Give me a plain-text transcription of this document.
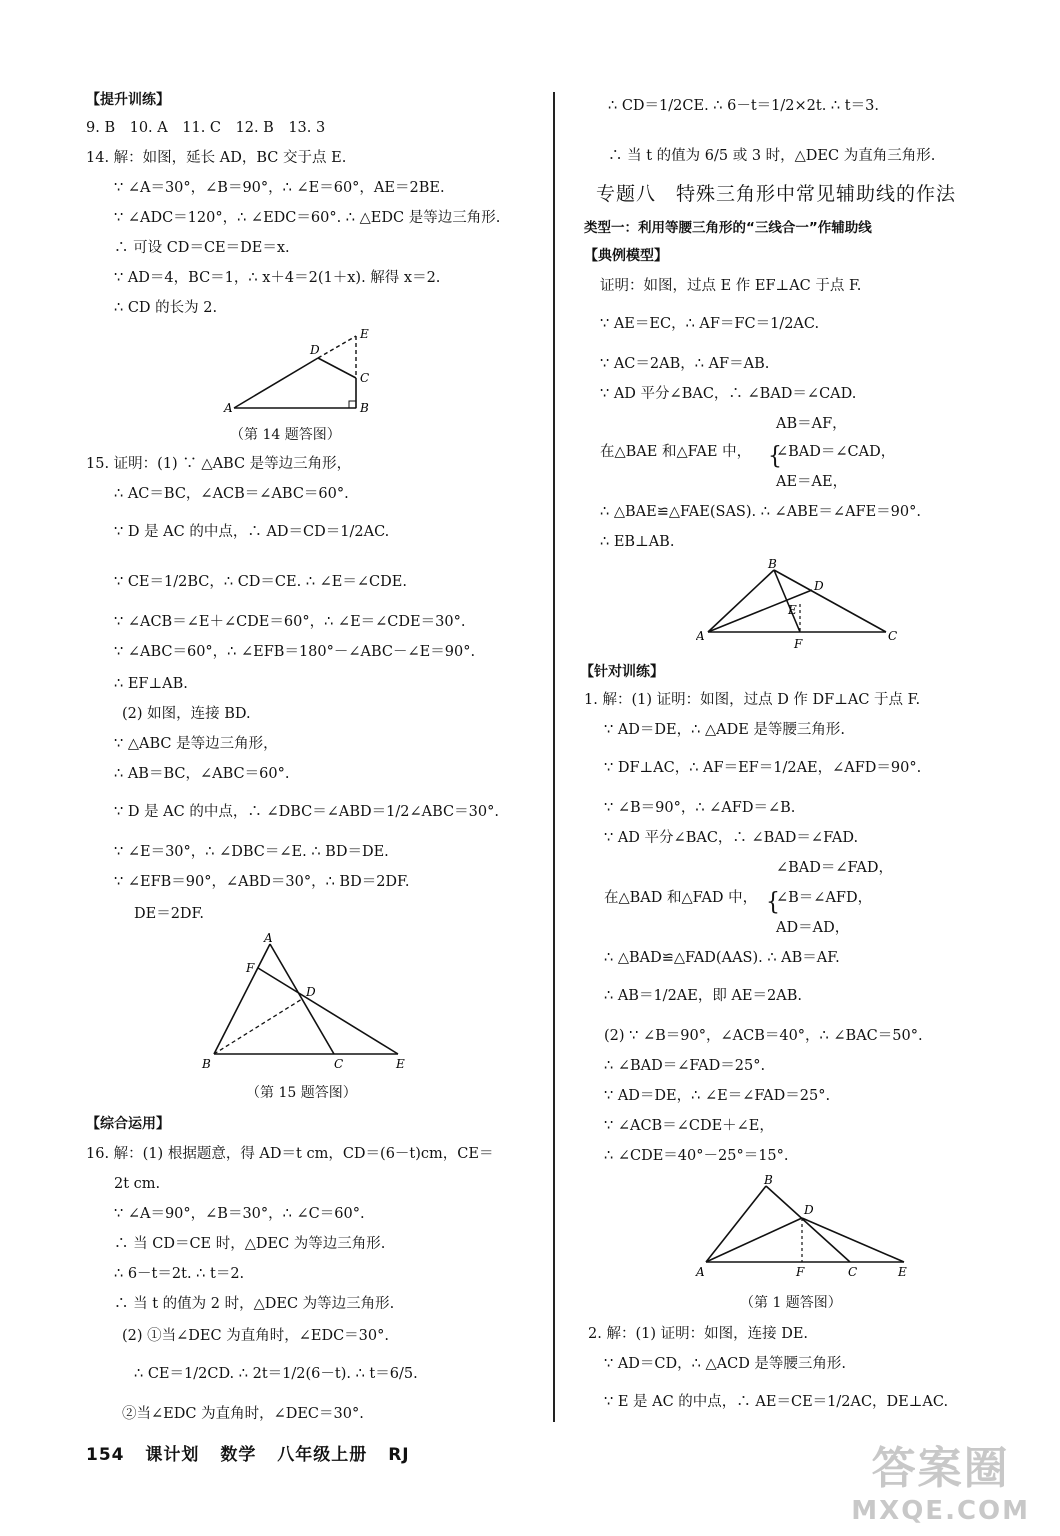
【提升训练】
9. B　10. A　11. C　12. B　13. 3
14. 解：如图，延长 AD，BC 交于点 E.
∵ ∠A＝30°，∠B＝90°，∴ ∠E＝60°，AE＝2BE.
∵ ∠ADC＝120°，∴ ∠EDC＝60°. ∴ △EDC 是等边三角形.
∴ 可设 CD＝CE＝DE＝x.
∵ AD＝4，BC＝1，∴ x＋4＝2(1＋x). 解得 x＝2.
∴ CD 的长为 2.
A	B
C
D
E
（第 14 题答图）
15. 证明：(1) ∵ △ABC 是等边三角形，
∴ AC＝BC，∠ACB＝∠ABC＝60°.
∵ D 是 AC 的中点，∴ AD＝CD＝1/2AC.
∵ CE＝1/2BC，∴ CD＝CE. ∴ ∠E＝∠CDE.
∵ ∠ACB＝∠E＋∠CDE＝60°，∴ ∠E＝∠CDE＝30°.
∵ ∠ABC＝60°，∴ ∠EFB＝180°－∠ABC－∠E＝90°.
∴ EF⊥AB.
(2) 如图，连接 BD.
∵ △ABC 是等边三角形，
∴ AB＝BC，∠ABC＝60°.
∵ D 是 AC 的中点，∴ ∠DBC＝∠ABD＝1/2∠ABC＝30°.
∵ ∠E＝30°，∴ ∠DBC＝∠E. ∴ BD＝DE.
∵ ∠EFB＝90°，∠ABD＝30°，∴ BD＝2DF.
DE＝2DF.
A
B	C
D
E
F
（第 15 题答图）
【综合运用】
16. 解：(1) 根据题意，得 AD＝t cm，CD＝(6－t)cm，CE＝
2t cm.
∵ ∠A＝90°，∠B＝30°，∴ ∠C＝60°.
∴ 当 CD＝CE 时，△DEC 为等边三角形.
∴ 6－t＝2t. ∴ t＝2.
∴ 当 t 的值为 2 时，△DEC 为等边三角形.
(2) ①当∠DEC 为直角时，∠EDC＝30°.
∴ CE＝1/2CD. ∴ 2t＝1/2(6－t). ∴ t＝6/5.
②当∠EDC 为直角时，∠DEC＝30°.
∴ CD＝1/2CE. ∴ 6－t＝1/2×2t. ∴ t＝3.
∴ 当 t 的值为 6/5 或 3 时，△DEC 为直角三角形.
专题八　特殊三角形中常见辅助线的作法
类型一：利用等腰三角形的“三线合一”作辅助线
【典例模型】
证明：如图，过点 E 作 EF⊥AC 于点 F.
∵ AE＝EC，∴ AF＝FC＝1/2AC.
∵ AC＝2AB，∴ AF＝AB.
∵ AD 平分∠BAC，∴ ∠BAD＝∠CAD.
在△BAE 和△FAE 中， {
AB＝AF，
∠BAD＝∠CAD，
AE＝AE，
∴ △BAE≌△FAE(SAS). ∴ ∠ABE＝∠AFE＝90°.
∴ EB⊥AB.
A
B
C
D
E
F
【针对训练】
1. 解：(1) 证明：如图，过点 D 作 DF⊥AC 于点 F.
∵ AD＝DE，∴ △ADE 是等腰三角形.
∵ DF⊥AC，∴ AF＝EF＝1/2AE，∠AFD＝90°.
∵ ∠B＝90°，∴ ∠AFD＝∠B.
∵ AD 平分∠BAC，∴ ∠BAD＝∠FAD.
在△BAD 和△FAD 中， {
∠BAD＝∠FAD，
∠B＝∠AFD，
AD＝AD，
∴ △BAD≌△FAD(AAS). ∴ AB＝AF.
∴ AB＝1/2AE，即 AE＝2AB.
(2) ∵ ∠B＝90°，∠ACB＝40°，∴ ∠BAC＝50°.
∴ ∠BAD＝∠FAD＝25°.
∵ AD＝DE，∴ ∠E＝∠FAD＝25°.
∵ ∠ACB＝∠CDE＋∠E，
∴ ∠CDE＝40°－25°＝15°.
A
B
C
D
E
F
（第 1 题答图）
2. 解：(1) 证明：如图，连接 DE.
∵ AD＝CD，∴ △ACD 是等腰三角形.
∵ E 是 AC 的中点，∴ AE＝CE＝1/2AC，DE⊥AC.
154 课计划 数学 八年级上册 RJ	答案圈
MXQE.COM
